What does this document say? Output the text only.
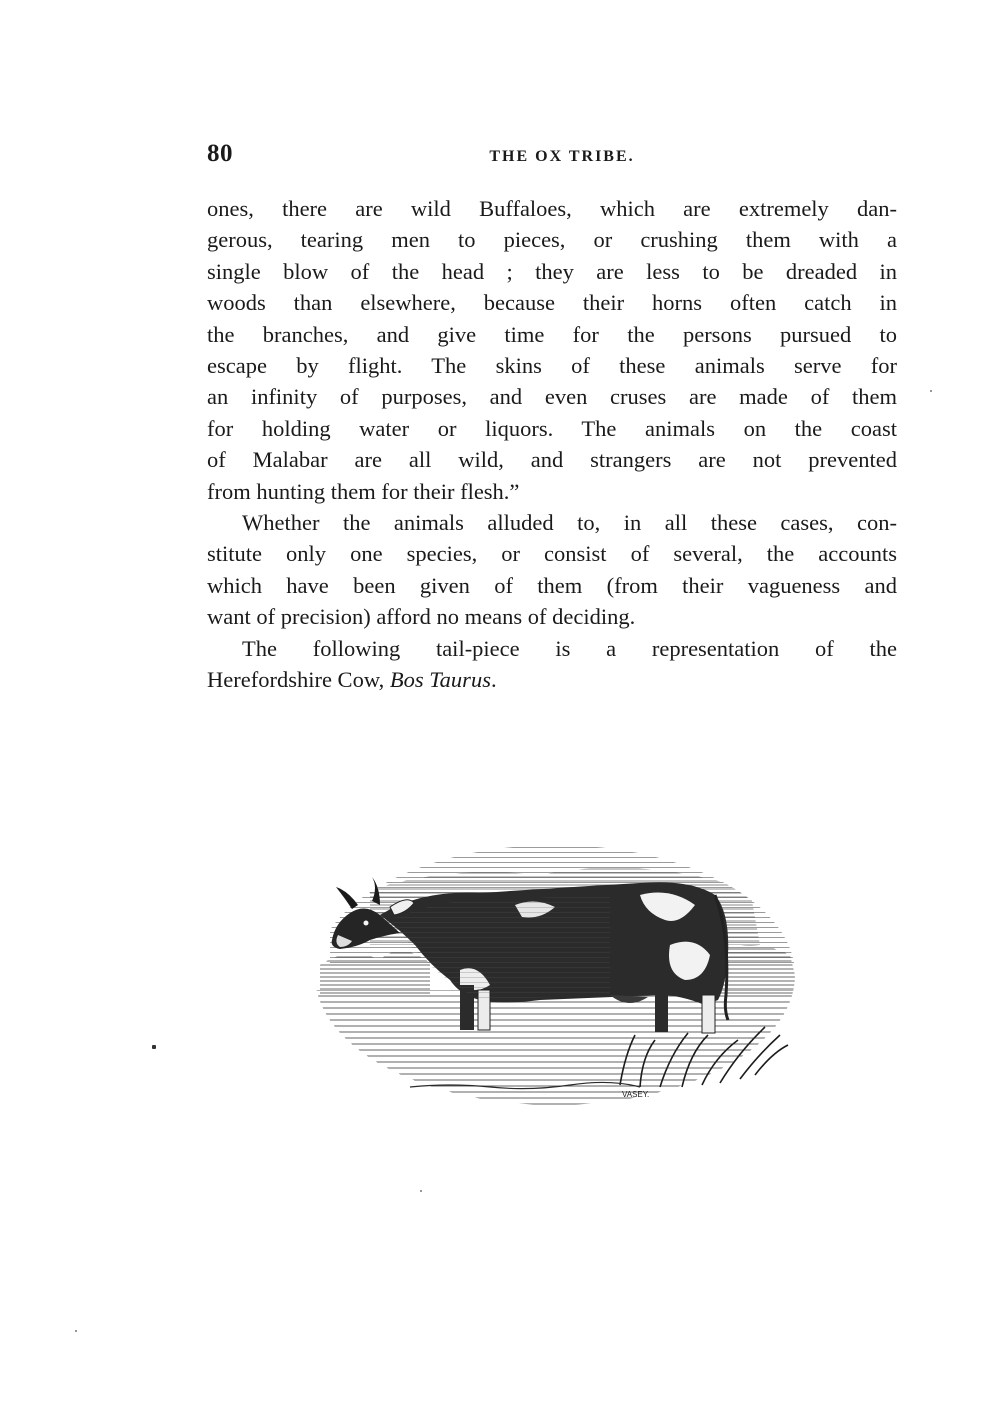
80	THE OX TRIBE.

ones, there are wild Buffaloes, which are extremely dan-
gerous, tearing men to pieces, or crushing them with a
single blow of the head ; they are less to be dreaded in
woods than elsewhere, because their horns often catch in
the branches, and give time for the persons pursued to
escape by flight. The skins of these animals serve for
an infinity of purposes, and even cruses are made of them
for holding water or liquors. The animals on the coast
of Malabar are all wild, and strangers are not prevented
from hunting them for their flesh.”

Whether the animals alluded to, in all these cases, con-
stitute only one species, or consist of several, the accounts
which have been given of them (from their vagueness and
want of precision) afford no means of deciding.

The following tail-piece is a representation of the
Herefordshire Cow, Bos Taurus.

VASEY.
